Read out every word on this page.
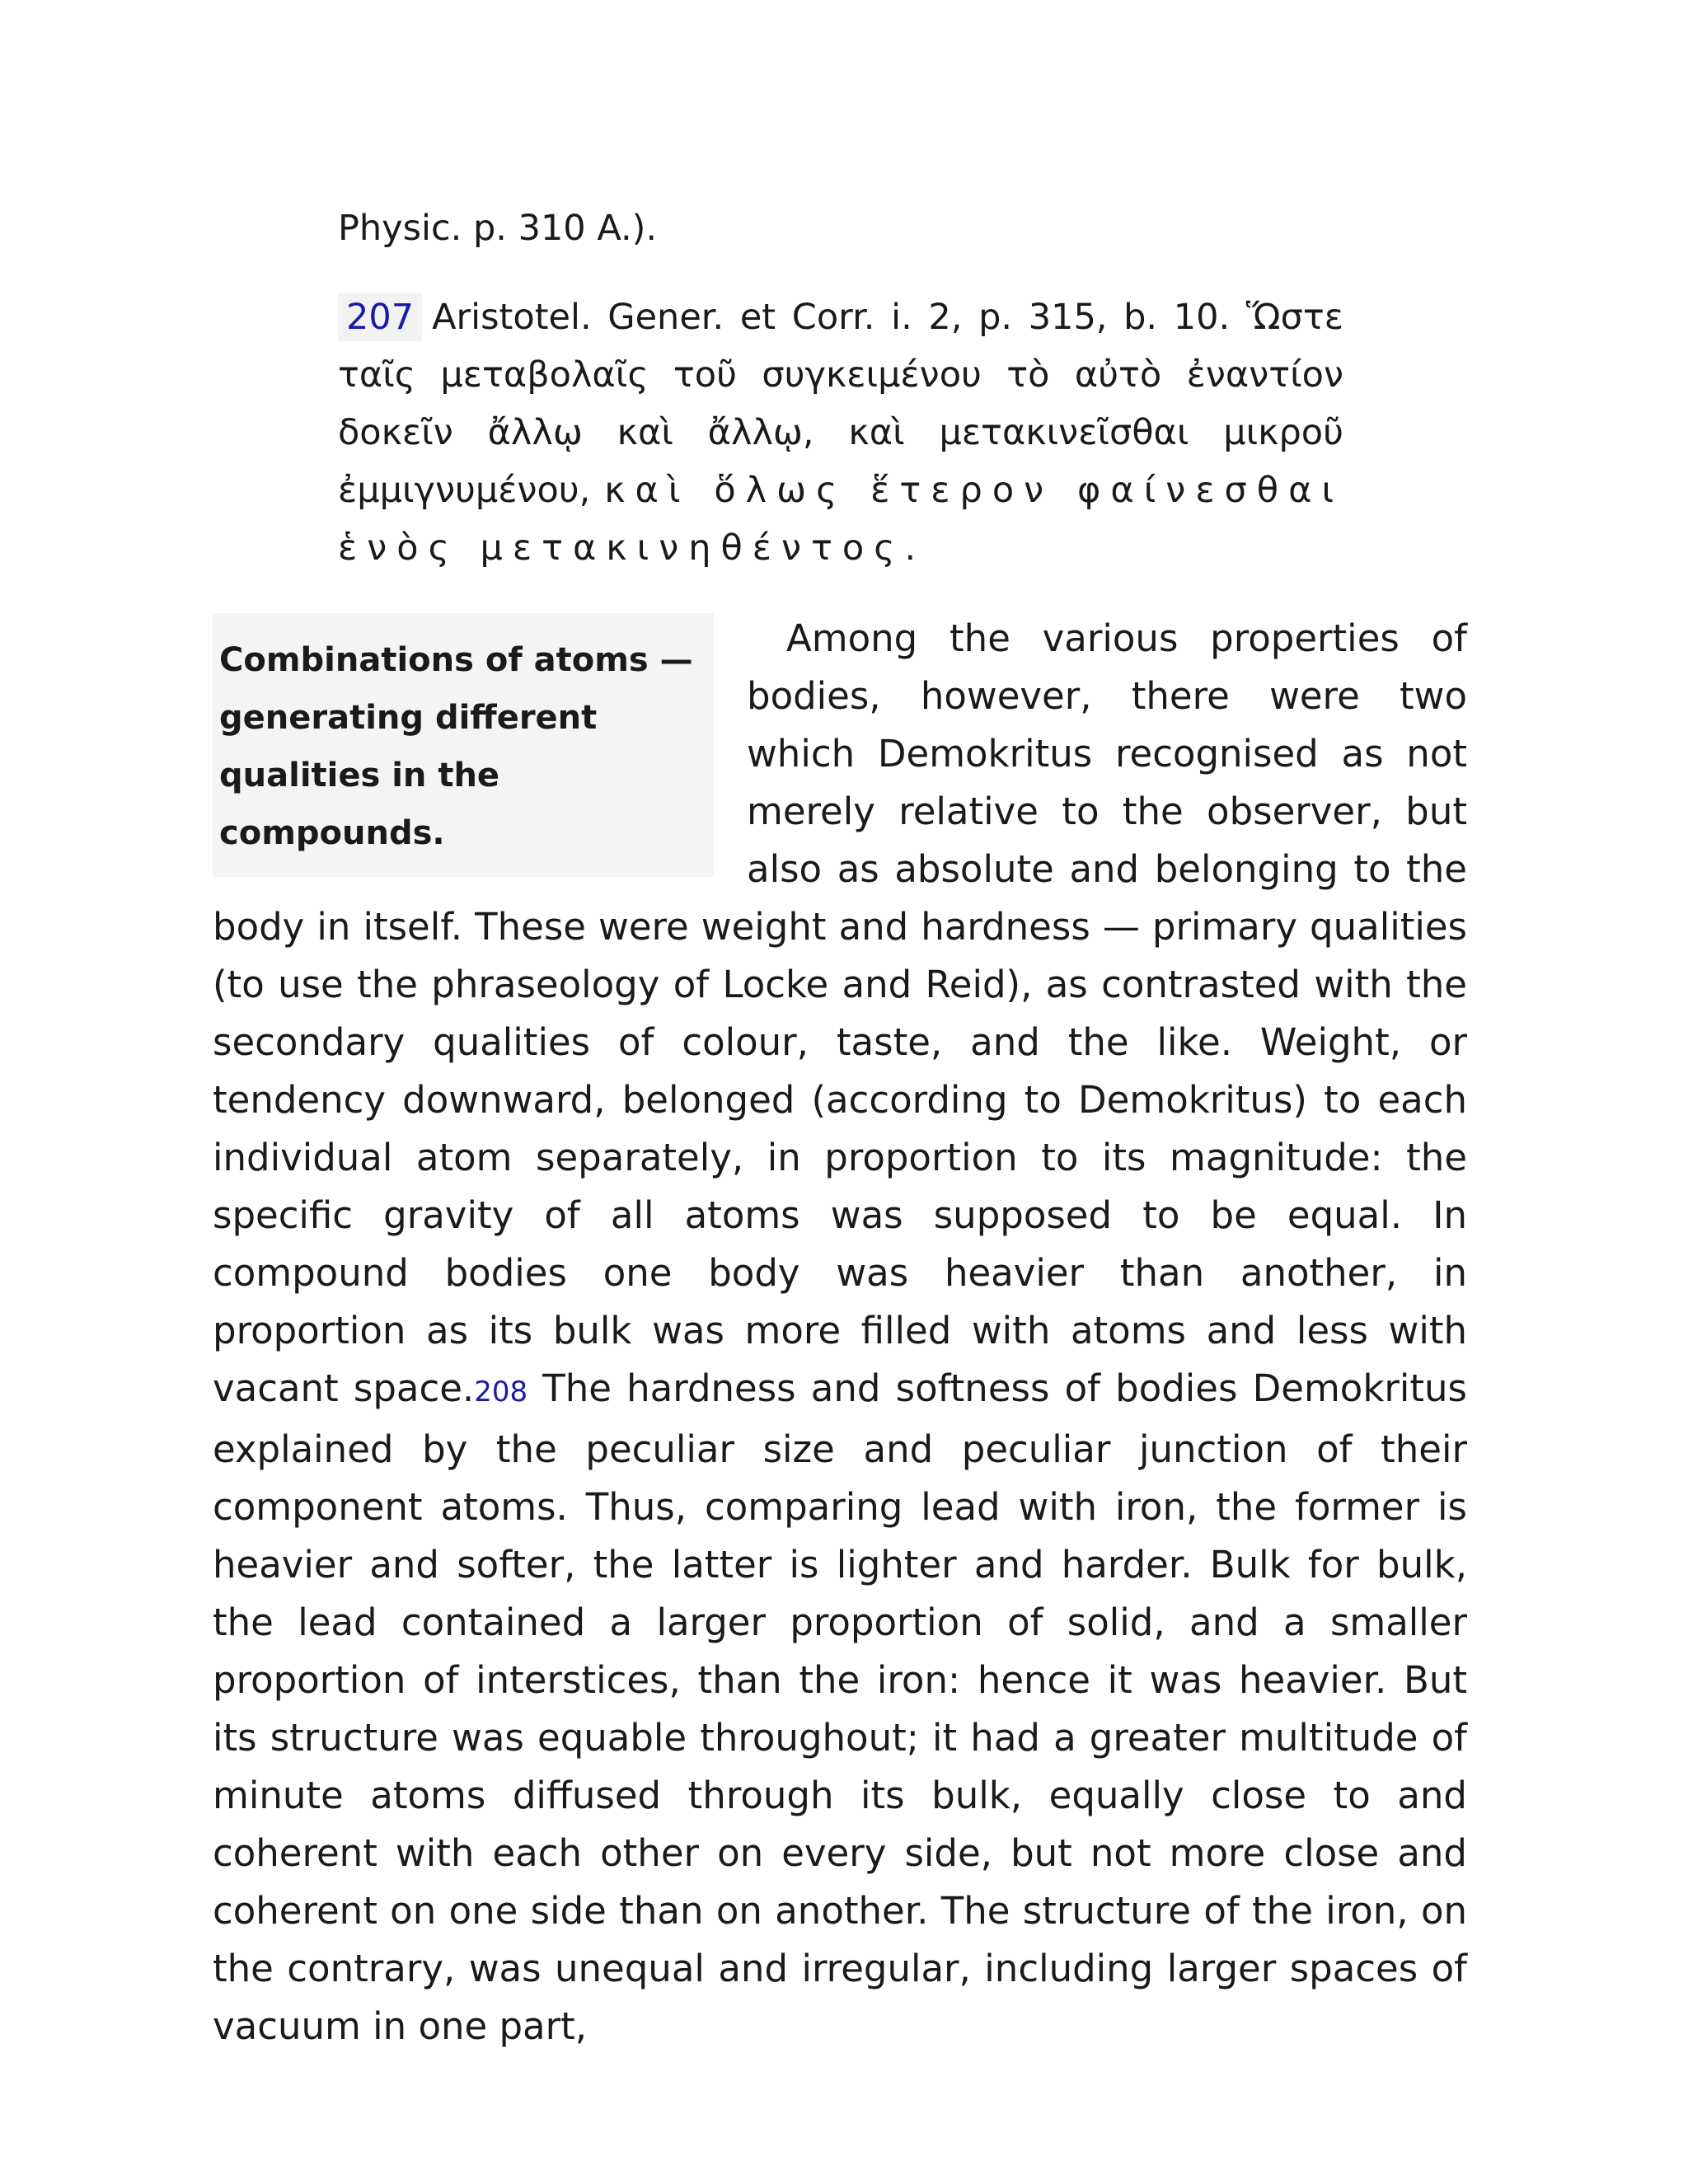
Physic. p. 310 A.).
207 Aristotel. Gener. et Corr. i. 2, p. 315, b. 10. Ὥστε ταῖς μεταβολαῖς τοῦ συγκειμένου τὸ αὐτὸ ἐναντίον δοκεῖν ἄλλῳ καὶ ἄλλῳ, καὶ μετακινεῖσθαι μικροῦ ἐμμιγνυμένου, καὶ ὅλως ἕτερον φαίνεσθαι ἑνὸς μετακινηθέντος.
Combinations of atoms — generating different qualities in the compounds.

Among the various properties of bodies, however, there were two which Demokritus recognised as not merely relative to the observer, but also as absolute and belonging to the body in itself. These were weight and hardness — primary qualities (to use the phraseology of Locke and Reid), as contrasted with the secondary qualities of colour, taste, and the like. Weight, or tendency downward, belonged (according to Demokritus) to each individual atom separately, in proportion to its magnitude: the specific gravity of all atoms was supposed to be equal. In compound bodies one body was heavier than another, in proportion as its bulk was more filled with atoms and less with vacant space.208 The hardness and softness of bodies Demokritus explained by the peculiar size and peculiar junction of their component atoms. Thus, comparing lead with iron, the former is heavier and softer, the latter is lighter and harder. Bulk for bulk, the lead contained a larger proportion of solid, and a smaller proportion of interstices, than the iron: hence it was heavier. But its structure was equable throughout; it had a greater multitude of minute atoms diffused through its bulk, equally close to and coherent with each other on every side, but not more close and coherent on one side than on another. The structure of the iron, on the contrary, was unequal and irregular, including larger spaces of vacuum in one part,
